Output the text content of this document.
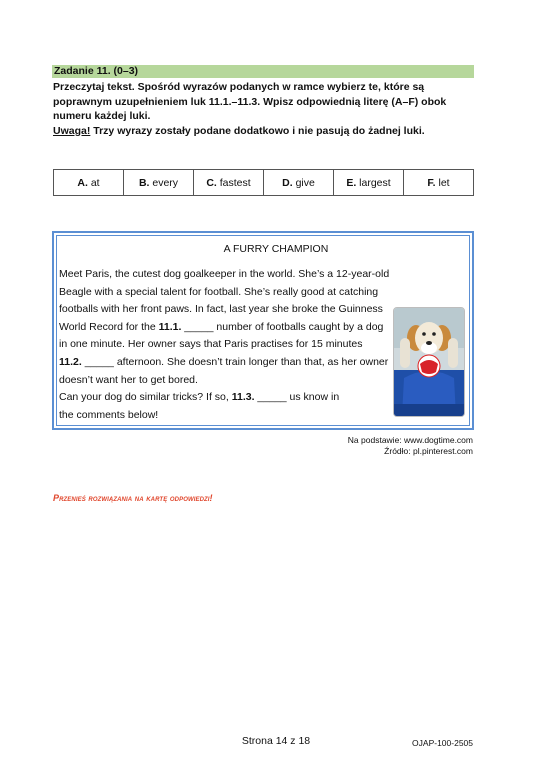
Zadanie 11. (0–3)

Przeczytaj tekst. Spośród wyrazów podanych w ramce wybierz te, które są

poprawnym uzupełnieniem luk 11.1.–11.3. Wpisz odpowiednią literę (A–F) obok

numeru każdej luki.

Uwaga! Trzy wyrazy zostały podane dodatkowo i nie pasują do żadnej luki.

A. at	B. every	C. fastest	D. give	E. largest	F. let
A FURRY CHAMPION
Meet Paris, the cutest dog goalkeeper in the world. She’s a 12-year-old
Beagle with a special talent for football. She’s really good at catching
footballs with her front paws. In fact, last year she broke the Guinness
World Record for the 11.1. _____ number of footballs caught by a dog
in one minute. Her owner says that Paris practises for 15 minutes
11.2. _____ afternoon. She doesn’t train longer than that, as her owner
doesn’t want her to get bored.
Can your dog do similar tricks? If so, 11.3. _____ us know in
the comments below!
Na podstawie: www.dogtime.com
Źródło: pl.pinterest.com
Przenieś rozwiązania na kartę odpowiedzi!
Strona 14 z 18	OJAP-100-2505
